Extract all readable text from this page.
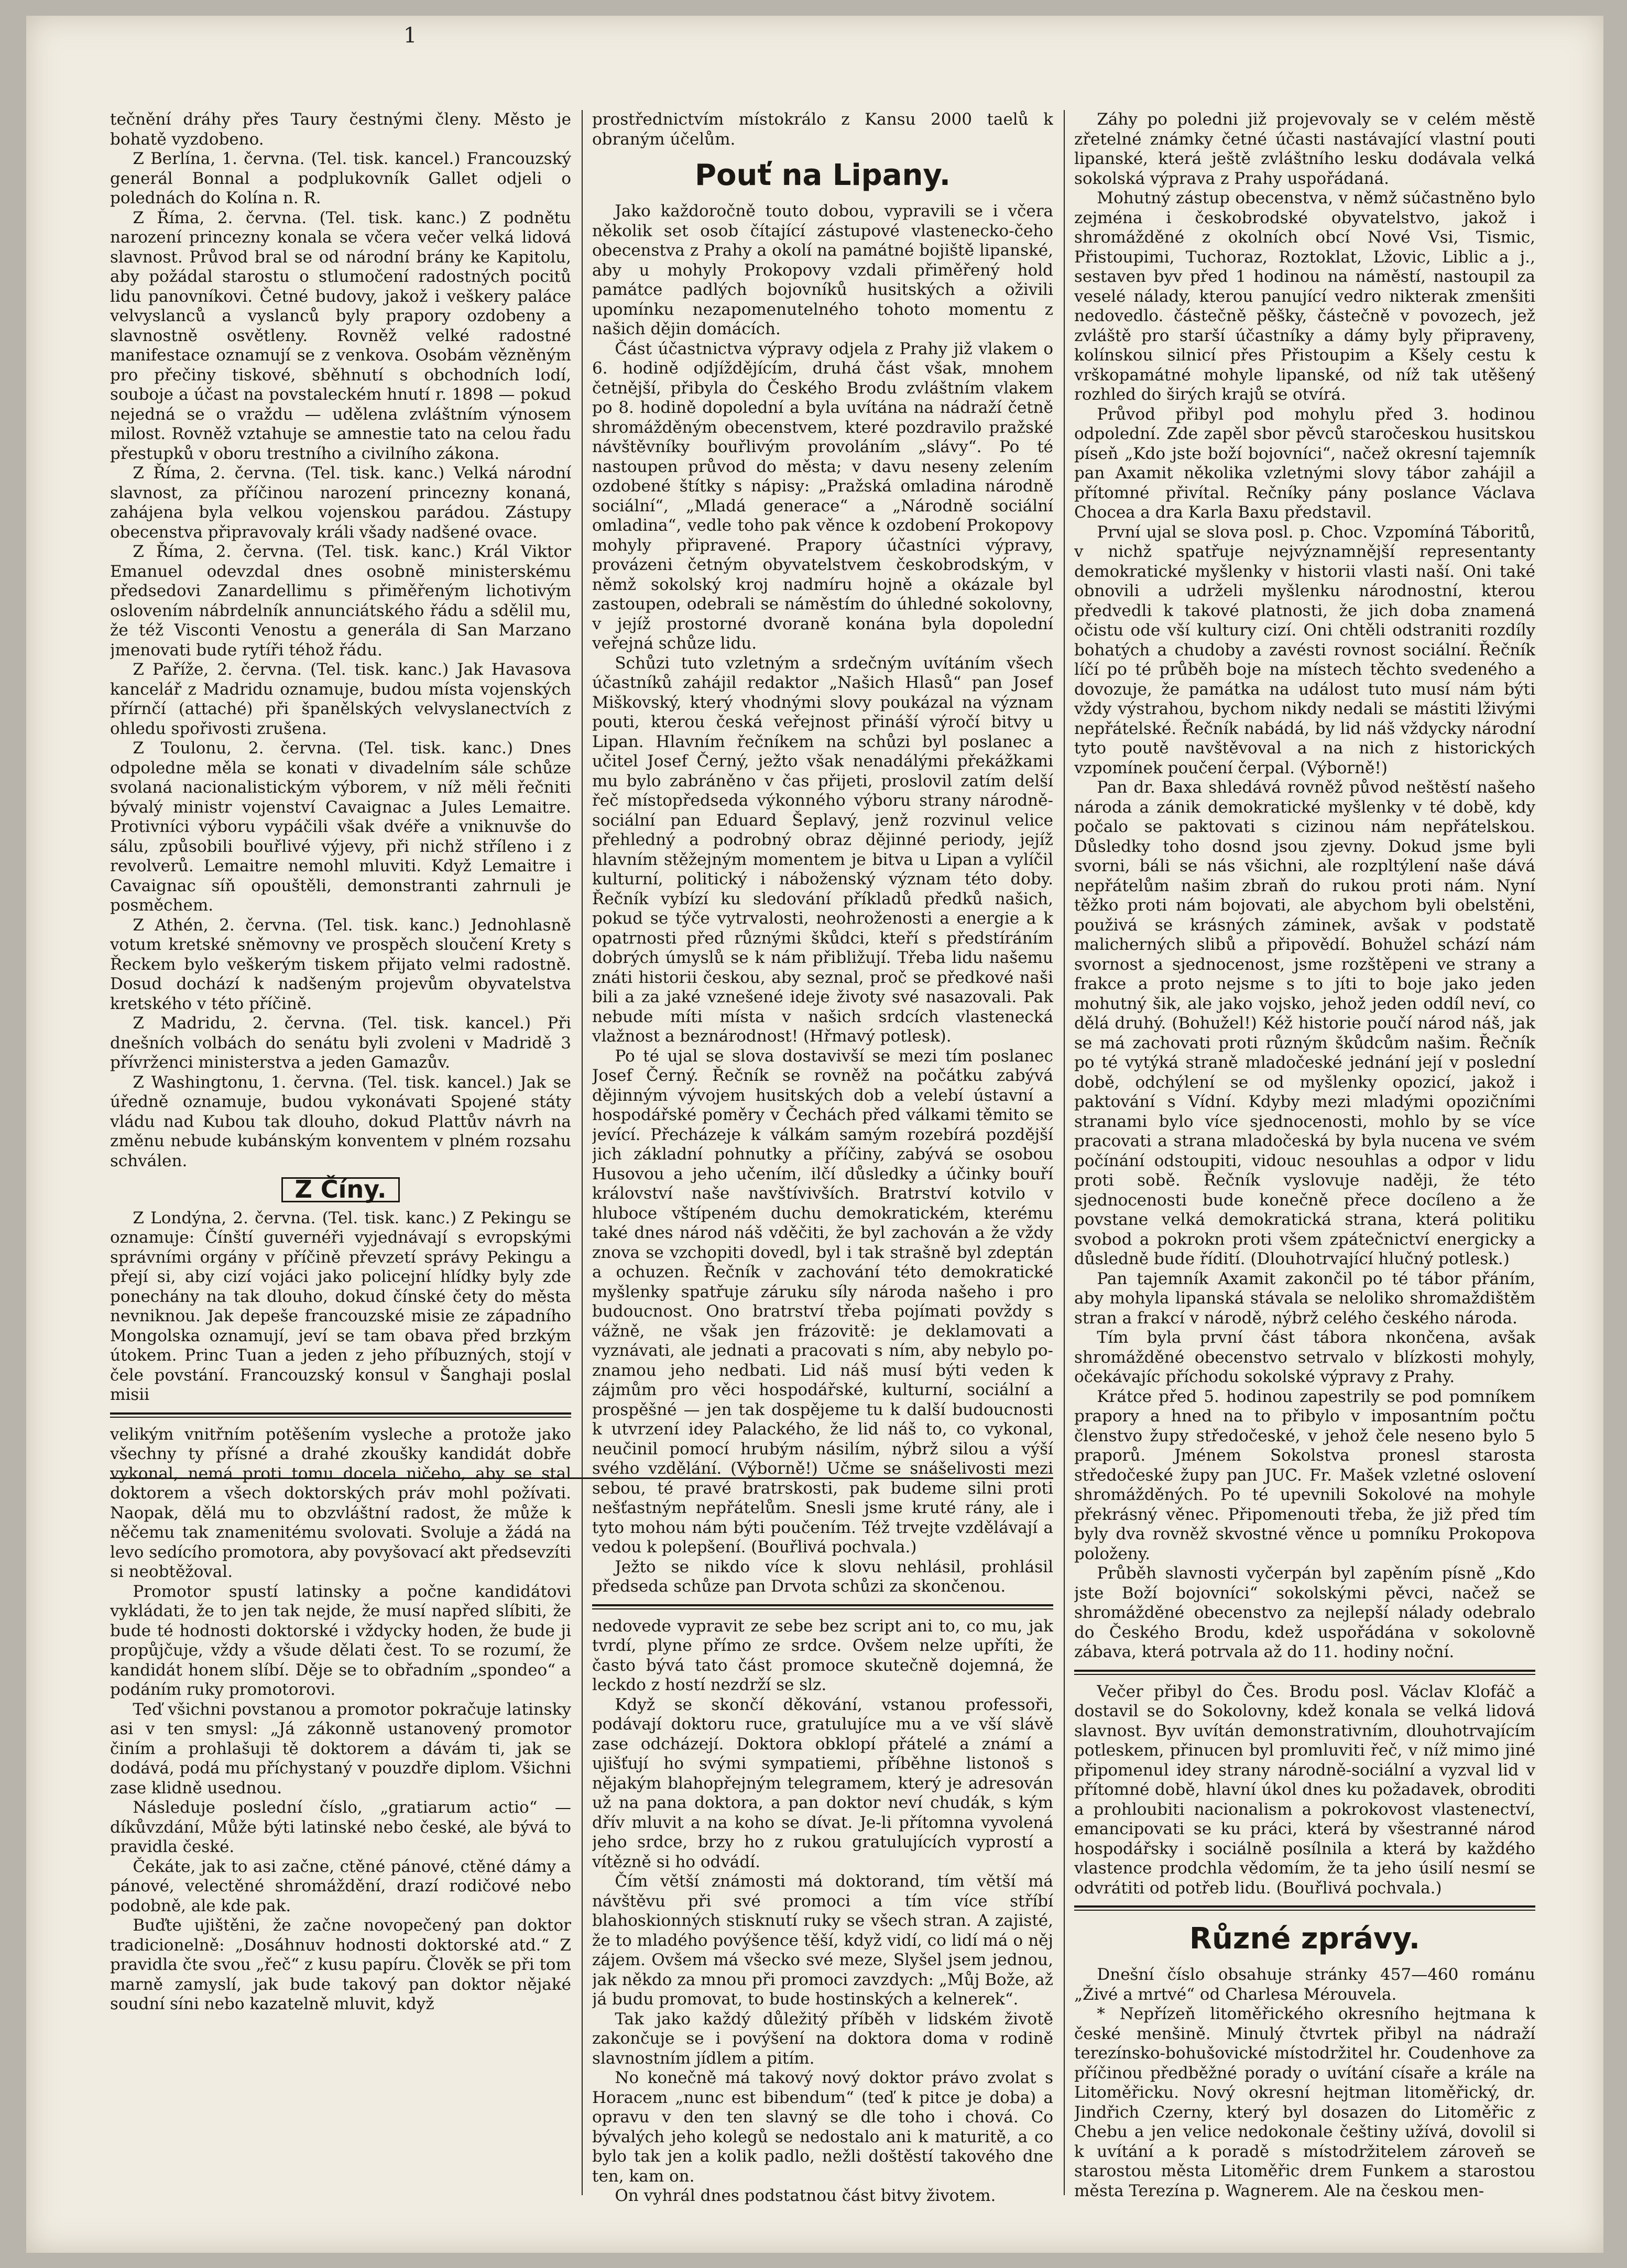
1

tečnění dráhy přes Taury čestnými členy. Město je bohatě vyzdobeno.

Z Berlína, 1. června. (Tel. tisk. kancel.) Francouzský generál Bonnal a podplukovník Gallet odjeli o polednách do Kolína n. R.

Z Říma, 2. června. (Tel. tisk. kanc.) Z podnětu narození princezny konala se včera večer velká lidová slavnost. Průvod bral se od národní brány ke Kapitolu, aby požádal starostu o stlumočení radostných pocitů lidu panovníkovi. Četné budovy, jakož i veškery paláce velvyslanců a vyslanců byly prapory ozdobeny a slavnostně osvětleny. Rovněž velké radostné manifestace oznamují se z venkova. Osobám vězněným pro přečiny tiskové, sběhnutí s obchodních lodí, souboje a účast na povstaleckém hnutí r. 1898 — pokud nejedná se o vraždu — udělena zvláštním výnosem milost. Rovněž vztahuje se amnestie tato na celou řadu přestupků v oboru trestního a civilního zákona.

Z Říma, 2. června. (Tel. tisk. kanc.) Velká národní slavnost, za příčinou narození princezny konaná, zahájena byla velkou vojenskou parádou. Zástupy obecenstva připravovaly králi všady nadšené ovace.

Z Říma, 2. června. (Tel. tisk. kanc.) Král Viktor Emanuel odevzdal dnes osobně ministerskému předsedovi Zanardellimu s přiměřeným lichotivým oslovením nábrdelník annunciátského řádu a sdělil mu, že též Visconti Venostu a generála di San Marzano jmenovati bude rytíři téhož řádu.

Z Paříže, 2. června. (Tel. tisk. kanc.) Jak Havasova kancelář z Madridu oznamuje, budou místa vojenských přírnčí (attaché) při španělských velvyslanectvích z ohledu spořivosti zrušena.

Z Toulonu, 2. června. (Tel. tisk. kanc.) Dnes odpoledne měla se konati v divadelním sále schůze svolaná nacionalistickým výborem, v níž měli řečniti bývalý ministr vojenství Cavaignac a Jules Lemaitre. Protivníci výboru vypáčili však dvéře a vniknuvše do sálu, způsobili bouřlivé výjevy, při nichž stříleno i z revolverů. Lemaitre nemohl mluviti. Když Lemaitre i Cavaignac síň opouštěli, demonstranti zahrnuli je posměchem.

Z Athén, 2. června. (Tel. tisk. kanc.) Jednohlasně votum kretské sněmovny ve prospěch sloučení Krety s Řeckem bylo veškerým tiskem přijato velmi radostně. Dosud dochází k nadšeným projevům obyvatelstva kretského v této příčině.

Z Madridu, 2. června. (Tel. tisk. kancel.) Při dnešních volbách do senátu byli zvoleni v Madridě 3 přívrženci ministerstva a jeden Gamazův.

Z Washingtonu, 1. června. (Tel. tisk. kancel.) Jak se úředně oznamuje, budou vykonávati Spojené státy vládu nad Kubou tak dlouho, dokud Plattův návrh na změnu nebude kubánským konventem v plném rozsahu schválen.

Z Číny.

Z Londýna, 2. června. (Tel. tisk. kanc.) Z Pekingu se oznamuje: Čínští guvernéři vyjednávají s evropskými správními orgány v příčině převzetí správy Pekingu a přejí si, aby cizí vojáci jako policejní hlídky byly zde ponechány na tak dlouho, dokud čínské čety do města nevniknou. Jak depeše francouzské misie ze západního Mongolska oznamují, jeví se tam obava před brzkým útokem. Princ Tuan a jeden z jeho příbuzných, stojí v čele povstání. Francouzský konsul v Šanghaji poslal misii

velikým vnitřním potěšením vysleche a protože jako všechny ty přísné a drahé zkoušky kandidát dobře vykonal, nemá proti tomu docela ničeho, aby se stal doktorem a všech doktorských práv mohl požívati. Naopak, dělá mu to obzvláštní radost, že může k něčemu tak znamenitému svolovati. Svoluje a žádá na levo sedícího promotora, aby povyšovací akt předsevzíti si neobtěžoval.

Promotor spustí latinsky a počne kandidátovi vykládati, že to jen tak nejde, že musí napřed slíbiti, že bude té hodnosti doktorské i vždycky hoden, že bude ji propůjčuje, vždy a všude dělati čest. To se rozumí, že kandidát honem slíbí. Děje se to obřadním „spondeo“ a podáním ruky promotorovi.

Teď všichni povstanou a promotor pokračuje latinsky asi v ten smysl: „Já zákonně ustanovený promotor činím a prohlašuji tě doktorem a dávám ti, jak se dodává, podá mu příchystaný v pouzdře diplom. Všichni zase klidně usednou.

Následuje poslední číslo, „gratiarum actio“ — díkůvzdání, Může býti latinské nebo české, ale bývá to pravidla české.

Čekáte, jak to asi začne, ctěné pánové, ctěné dámy a pánové, velectěné shromáždění, drazí rodičové nebo podobně, ale kde pak.

Buďte ujištěni, že začne novopečený pan doktor tradicionelně: „Dosáhnuv hodnosti doktorské atd.“ Z pravidla čte svou „řeč“ z kusu papíru. Člověk se při tom marně zamyslí, jak bude takový pan doktor nějaké soudní síni nebo kazatelně mluvit, když

prostřednictvím místokrálo z Kansu 2000 taelů k obraným účelům.

Pouť na Lipany.

Jako každoročně touto dobou, vypravili se i včera několik set osob čítající zástupové vlastenecko-čeho obecenstva z Prahy a okolí na památné bojiště lipanské, aby u mohyly Prokopovy vzdali přiměřený hold památce padlých bojovníků husitských a oživili upomínku nezapomenutelného tohoto momentu z našich dějin domácích.

Část účastnictva výpravy odjela z Prahy již vlakem o 6. hodině odjíždějícím, druhá část však, mnohem četnější, přibyla do Českého Brodu zvláštním vlakem po 8. hodině dopolední a byla uvítána na nádraží četně shromážděným obecenstvem, které pozdravilo pražské návštěvníky bouřlivým provoláním „slávy“. Po té nastoupen průvod do města; v davu neseny zelením ozdobené štítky s nápisy: „Pražská omladina národně sociální“, „Mladá generace“ a „Národně sociální omladina“, vedle toho pak věnce k ozdobení Prokopovy mohyly připravené. Prapory účastníci výpravy, provázeni četným obyvatelstvem českobrodským, v němž sokolský kroj nadmíru hojně a okázale byl zastoupen, odebrali se náměstím do úhledné sokolovny, v jejíž prostorné dvoraně konána byla dopolední veřejná schůze lidu.

Schůzi tuto vzletným a srdečným uvítáním všech účastníků zahájil redaktor „Našich Hlasů“ pan Josef Miškovský, který vhodnými slovy poukázal na význam pouti, kterou česká veřejnost přináší výročí bitvy u Lipan. Hlavním řečníkem na schůzi byl poslanec a učitel Josef Černý, ježto však nenadálými překážkami mu bylo zabráněno v čas přijeti, proslovil zatím delší řeč místopředseda výkonného výboru strany národně-sociální pan Eduard Šeplavý, jenž rozvinul velice přehledný a podrobný obraz dějinné periody, jejíž hlavním stěžejným momentem je bitva u Lipan a vylíčil kulturní, politický i náboženský význam této doby. Řečník vybízí ku sledování příkladů předků našich, pokud se týče vytrvalosti, neohroženosti a energie a k opatrnosti před různými škůdci, kteří s předstíráním dobrých úmyslů se k nám přibližují. Třeba lidu našemu znáti historii českou, aby seznal, proč se předkové naši bili a za jaké vznešené ideje životy své nasazovali. Pak nebude míti místa v našich srdcích vlastenecká vlažnost a beznárodnost! (Hřmavý potlesk).

Po té ujal se slova dostavivší se mezi tím poslanec Josef Černý. Řečník se rovněž na počátku zabývá dějinným vývojem husitských dob a velebí ústavní a hospodářské poměry v Čechách před válkami těmito se jevící. Přecházeje k válkám samým rozebírá pozdější jich základní pohnutky a příčiny, zabývá se osobou Husovou a jeho učením, ilčí důsledky a účinky bouří království naše navštívivších. Bratrství kotvilo v hluboce vštípeném duchu demokratickém, kterému také dnes národ náš vděčiti, že byl zachován a že vždy znova se vzchopiti dovedl, byl i tak strašně byl zdeptán a ochuzen. Řečník v zachování této demokratické myšlenky spatřuje záruku síly národa našeho i pro budoucnost. Ono bratrství třeba pojímati povždy s vážně, ne však jen frázovitě: je deklamovati a vyznávati, ale jednati a pracovati s ním, aby nebylo po-znamou jeho nedbati. Lid náš musí býti veden k zájmům pro věci hospodářské, kulturní, sociální a prospěšné — jen tak dospějeme tu k další budoucnosti k utvrzení idey Palackého, že lid náš to, co vykonal, neučinil pomocí hrubým násilím, nýbrž silou a výší svého vzdělání. (Výborně!) Učme se snášelivosti mezi sebou, té pravé bratrskosti, pak budeme silni proti nešťastným nepřátelům. Snesli jsme kruté rány, ale i tyto mohou nám býti poučením. Též trvejte vzdělávají a vedou k polepšení. (Bouřlivá pochvala.)

Ježto se nikdo více k slovu nehlásil, prohlásil předseda schůze pan Drvota schůzi za skončenou.

nedovede vypravit ze sebe bez script ani to, co mu, jak tvrdí, plyne přímo ze srdce. Ovšem nelze upříti, že často bývá tato část promoce skutečně dojemná, že leckdo z hostí nezdrží se slz.

Když se skončí děkování, vstanou professoři, podávají doktoru ruce, gratulujíce mu a ve vší slávě zase odcházejí. Doktora obklopí přátelé a známí a ujišťují ho svými sympatiemi, příběhne listonoš s nějakým blahopřejným telegramem, který je adresován už na pana doktora, a pan doktor neví chudák, s kým dřív mluvit a na koho se dívat. Je-li přítomna vyvolená jeho srdce, brzy ho z rukou gratulujících vyprostí a vítězně si ho odvádí.

Čím větší známosti má doktorand, tím větší má návštěvu při své promoci a tím více stříbí blahoskionných stisknutí ruky se všech stran. A zajisté, že to mladého povýšence těší, když vidí, co lidí má o něj zájem. Ovšem má všecko své meze, Slyšel jsem jednou, jak někdo za mnou při promoci zavzdych: „Můj Bože, až já budu promovat, to bude hostinských a kelnerek“.

Tak jako každý důležitý příběh v lidském životě zakončuje se i povýšení na doktora doma v rodině slavnostním jídlem a pitím.

No konečně má takový nový doktor právo zvolat s Horacem „nunc est bibendum“ (teď k pitce je doba) a opravu v den ten slavný se dle toho i chová. Co bývalých jeho kolegů se nedostalo ani k maturitě, a co bylo tak jen a kolik padlo, nežli doštěstí takového dne ten, kam on.

On vyhrál dnes podstatnou část bitvy životem.

Záhy po poledni již projevovaly se v celém městě zřetelné známky četné účasti nastávající vlastní pouti lipanské, která ještě zvláštního lesku dodávala velká sokolská výprava z Prahy uspořádaná.

Mohutný zástup obecenstva, v němž súčastněno bylo zejména i českobrodské obyvatelstvo, jakož i shromážděné z okolních obcí Nové Vsi, Tismic, Přistoupimi, Tuchoraz, Roztoklat, Lžovic, Liblic a j., sestaven byv před 1 hodinou na náměstí, nastoupil za veselé nálady, kterou panující vedro nikterak zmenšiti nedovedlo. částečně pěšky, částečně v povozech, jež zvláště pro starší účastníky a dámy byly připraveny, kolínskou silnicí přes Přistoupim a Kšely cestu k vrškopamátné mohyle lipanské, od níž tak utěšený rozhled do širých krajů se otvírá.

Průvod přibyl pod mohylu před 3. hodinou odpolední. Zde zapěl sbor pěvců staročeskou husitskou píseň „Kdo jste boží bojovníci“, načež okresní tajemník pan Axamit několika vzletnými slovy tábor zahájil a přítomné přivítal. Rečníky pány poslance Václava Chocea a dra Karla Baxu představil.

První ujal se slova posl. p. Choc. Vzpomíná Táboritů, v nichž spatřuje nejvýznamnější representanty demokratické myšlenky v historii vlasti naší. Oni také obnovili a udrželi myšlenku národnostní, kterou předvedli k takové platnosti, že jich doba znamená očistu ode vší kultury cizí. Oni chtěli odstraniti rozdíly bohatých a chudoby a zavésti rovnost sociální. Řečník líčí po té průběh boje na místech těchto svedeného a dovozuje, že památka na událost tuto musí nám býti vždy výstrahou, bychom nikdy nedali se mástiti lživými nepřátelské. Řečník nabádá, by lid náš vždycky národní tyto poutě navštěvoval a na nich z historických vzpomínek poučení čerpal. (Výborně!)

Pan dr. Baxa shledává rovněž původ neštěstí našeho národa a zánik demokratické myšlenky v té době, kdy počalo se paktovati s cizinou nám nepřátelskou. Důsledky toho dosnd jsou zjevny. Dokud jsme byli svorni, báli se nás všichni, ale rozpltýlení naše dává nepřátelům našim zbraň do rukou proti nám. Nyní těžko proti nám bojovati, ale abychom byli obelstěni, použivá se krásných záminek, avšak v podstatě malicherných slibů a připovědí. Bohužel schází nám svornost a sjednocenost, jsme rozštěpeni ve strany a frakce a proto nejsme s to jíti to boje jako jeden mohutný šik, ale jako vojsko, jehož jeden oddíl neví, co dělá druhý. (Bohužel!) Kéž historie poučí národ náš, jak se má zachovati proti různým škůdcům našim. Řečník po té vytýká straně mladočeské jednání její v poslední době, odchýlení se od myšlenky opozicí, jakož i paktování s Vídní. Kdyby mezi mladými opozičními stranami bylo více sjednocenosti, mohlo by se více pracovati a strana mladočeská by byla nucena ve svém počínání odstoupiti, vidouc nesouhlas a odpor v lidu proti sobě. Řečník vyslovuje naději, že této sjednocenosti bude konečně přece docíleno a že povstane velká demokratická strana, která politiku svobod a pokrokn proti všem zpátečnictví energicky a důsledně bude řídití. (Dlouhotrvající hlučný potlesk.)

Pan tajemník Axamit zakončil po té tábor přáním, aby mohyla lipanská stávala se neloliko shromaždištěm stran a frakcí v národě, nýbrž celého českého národa.

Tím byla první část tábora nkončena, avšak shromážděné obecenstvo setrvalo v blízkosti mohyly, očekávajíc příchodu sokolské výpravy z Prahy.

Krátce před 5. hodinou zapestrily se pod pomníkem prapory a hned na to přibylo v imposantním počtu členstvo župy středočeské, v jehož čele neseno bylo 5 praporů. Jménem Sokolstva pronesl starosta středočeské župy pan JUC. Fr. Mašek vzletné oslovení shromážděných. Po té upevnili Sokolové na mohyle překrásný věnec. Připomenouti třeba, že již před tím byly dva rovněž skvostné věnce u pomníku Prokopova položeny.

Průběh slavnosti vyčerpán byl zapěním písně „Kdo jste Boží bojovníci“ sokolskými pěvci, načež se shromážděné obecenstvo za nejlepší nálady odebralo do Českého Brodu, kdež uspořádána v sokolovně zábava, která potrvala až do 11. hodiny noční.

Večer přibyl do Čes. Brodu posl. Václav Klofáč a dostavil se do Sokolovny, kdež konala se velká lidová slavnost. Byv uvítán demonstrativním, dlouhotrvajícím potleskem, přinucen byl promluviti řeč, v níž mimo jiné připomenul idey strany národně-sociální a vyzval lid v přítomné době, hlavní úkol dnes ku požadavek, obroditi a prohloubiti nacionalism a pokrokovost vlastenectví, emancipovati se ku práci, která by všestranné národ hospodářsky i sociálně posílnila a která by každého vlastence prodchla vědomím, že ta jeho úsilí nesmí se odvrátiti od potřeb lidu. (Bouřlivá pochvala.)

Různé zprávy.

Dnešní číslo obsahuje stránky 457—460 románu „Živé a mrtvé“ od Charlesa Mérouvela.

* Nepřízeň litoměřického okresního hejtmana k české menšině. Minulý čtvrtek přibyl na nádraží terezínsko-bohušovické místodržitel hr. Coudenhove za příčinou předběžné porady o uvítání císaře a krále na Litoměřicku. Nový okresní hejtman litoměřický, dr. Jindřich Czerny, který byl dosazen do Litoměřic z Chebu a jen velice nedokonale češtiny užívá, dovolil si k uvítání a k poradě s místodržitelem zároveň se starostou města Litoměřic drem Funkem a starostou města Terezína p. Wagnerem. Ale na českou men-
